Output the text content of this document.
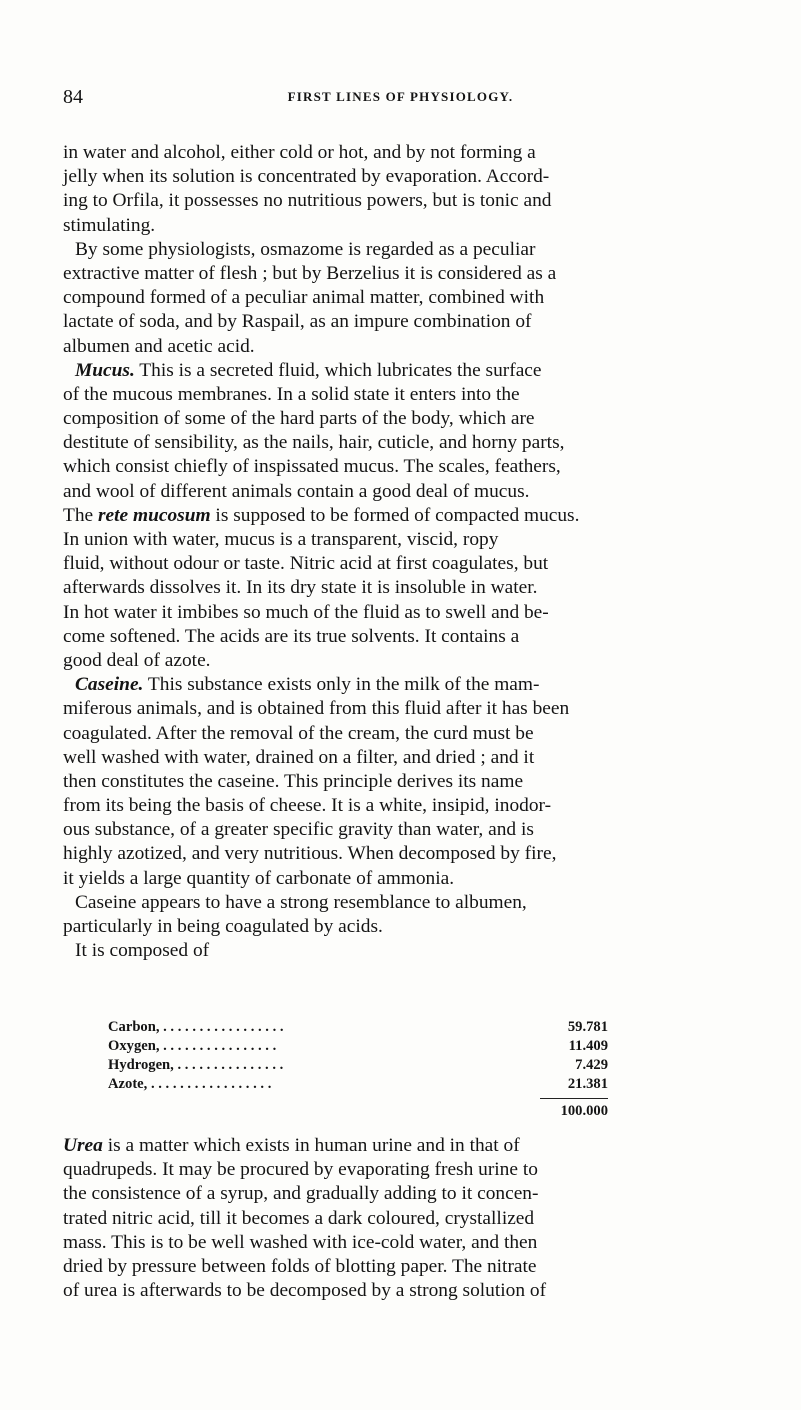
84	FIRST LINES OF PHYSIOLOGY.
in water and alcohol, either cold or hot, and by not forming a
jelly when its solution is concentrated by evaporation. Accord-
ing to Orfila, it possesses no nutritious powers, but is tonic and
stimulating.
By some physiologists, osmazome is regarded as a peculiar
extractive matter of flesh ; but by Berzelius it is considered as a
compound formed of a peculiar animal matter, combined with
lactate of soda, and by Raspail, as an impure combination of
albumen and acetic acid.
Mucus. This is a secreted fluid, which lubricates the surface
of the mucous membranes. In a solid state it enters into the
composition of some of the hard parts of the body, which are
destitute of sensibility, as the nails, hair, cuticle, and horny parts,
which consist chiefly of inspissated mucus. The scales, feathers,
and wool of different animals contain a good deal of mucus.
The rete mucosum is supposed to be formed of compacted mucus.
In union with water, mucus is a transparent, viscid, ropy
fluid, without odour or taste. Nitric acid at first coagulates, but
afterwards dissolves it. In its dry state it is insoluble in water.
In hot water it imbibes so much of the fluid as to swell and be-
come softened. The acids are its true solvents. It contains a
good deal of azote.
Caseine. This substance exists only in the milk of the mam-
miferous animals, and is obtained from this fluid after it has been
coagulated. After the removal of the cream, the curd must be
well washed with water, drained on a filter, and dried ; and it
then constitutes the caseine. This principle derives its name
from its being the basis of cheese. It is a white, insipid, inodor-
ous substance, of a greater specific gravity than water, and is
highly azotized, and very nutritious. When decomposed by fire,
it yields a large quantity of carbonate of ammonia.
Caseine appears to have a strong resemblance to albumen,
particularly in being coagulated by acids.
It is composed of
Carbon, . . . . . . . . . . . . . . . . .	59.781
Oxygen, . . . . . . . . . . . . . . . .	11.409
Hydrogen, . . . . . . . . . . . . . . .	7.429
Azote, . . . . . . . . . . . . . . . . .	21.381
100.000
Urea is a matter which exists in human urine and in that of
quadrupeds. It may be procured by evaporating fresh urine to
the consistence of a syrup, and gradually adding to it concen-
trated nitric acid, till it becomes a dark coloured, crystallized
mass. This is to be well washed with ice-cold water, and then
dried by pressure between folds of blotting paper. The nitrate
of urea is afterwards to be decomposed by a strong solution of
